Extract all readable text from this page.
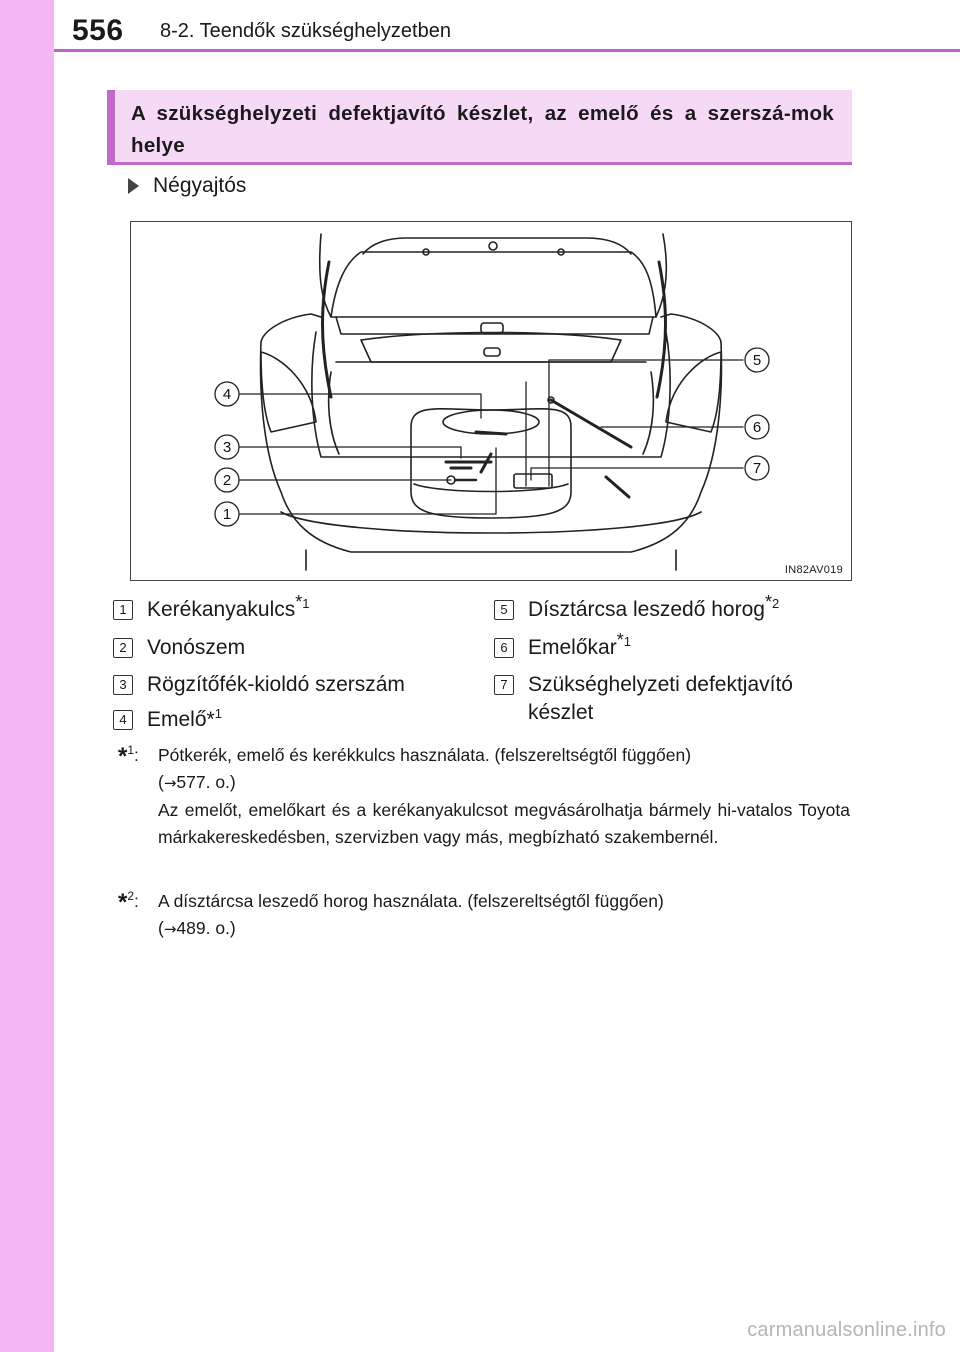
556 8-2. Teendők szükséghelyzetben
A szükséghelyzeti defektjavító készlet, az emelő és a szerszá-mok helye
Négyajtós
1
2
3
4
5
6
7
IN82AV019
1 Kerékanyakulcs$^{*1}$
2 Vonószem
3 Rögzítőfék-kioldó szerszám
4 Emelő*$^1$
5 Dísztárcsa leszedő horog$^{*2}$
6 Emelőkar$^{*1}$
7 Szükséghelyzeti defektjavító készlet
*$^1$: Pótkerék, emelő és kerékkulcs használata. (felszereltségtől függően)

(→577. o.)

Az emelőt, emelőkart és a kerékanyakulcsot megvásárolhatja bármely hi-vatalos Toyota márkakereskedésben, szervizben vagy más, megbízható szakembernél.

*$^2$: A dísztárcsa leszedő horog használata. (felszereltségtől függően)

(→489. o.)

carmanualsonline.info
